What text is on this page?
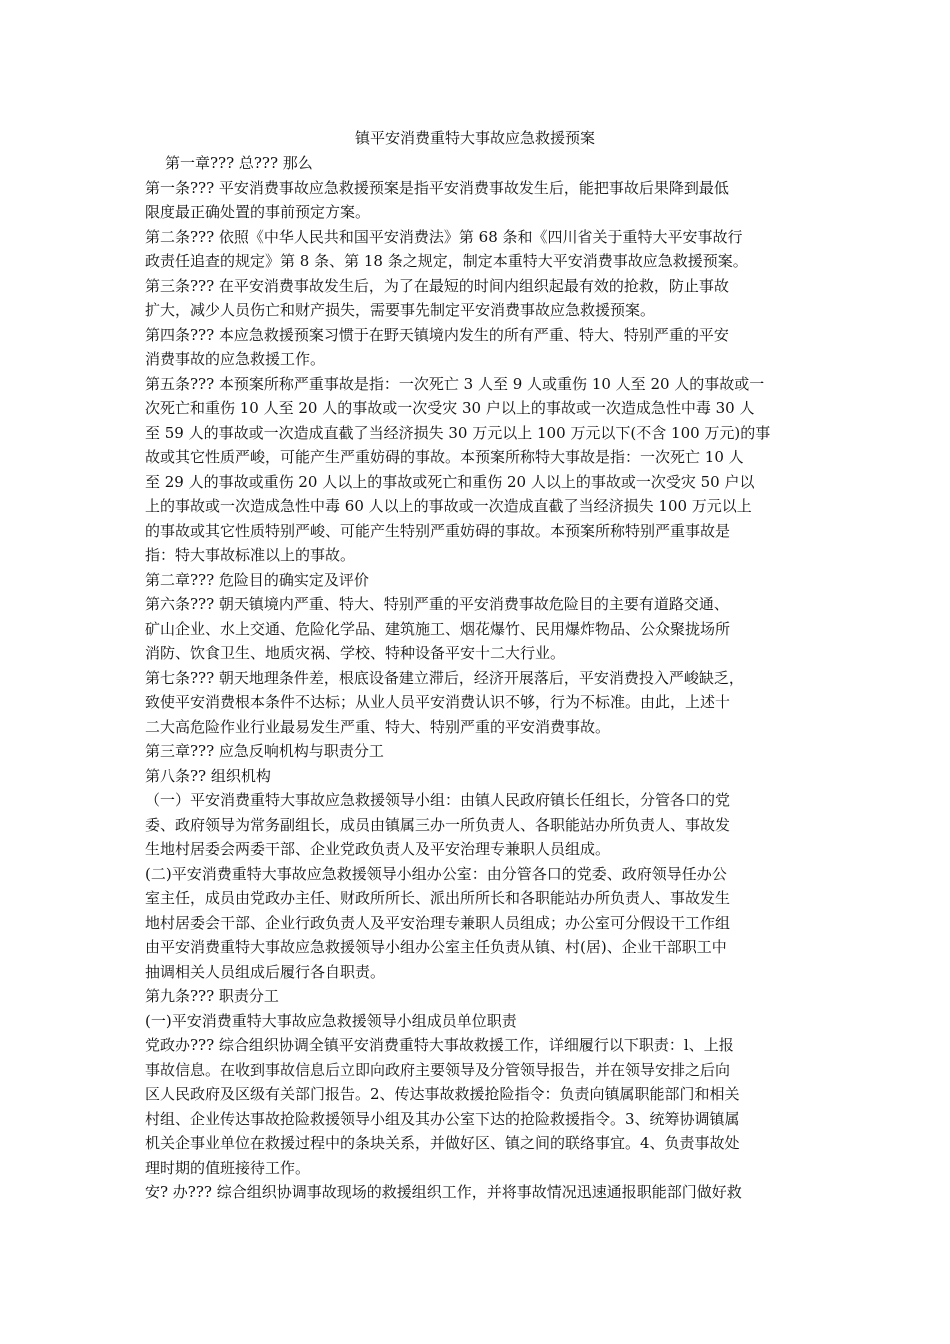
镇平安消费重特大事故应急救援预案
第一章??? 总??? 那么
第一条??? 平安消费事故应急救援预案是指平安消费事故发生后，能把事故后果降到最低
限度最正确处置的事前预定方案。
第二条??? 依照《中华人民共和国平安消费法》第 68 条和《四川省关于重特大平安事故行
政责任追查的规定》第 8 条、第 18 条之规定，制定本重特大平安消费事故应急救援预案。
第三条??? 在平安消费事故发生后，为了在最短的时间内组织起最有效的抢救，防止事故
扩大，减少人员伤亡和财产损失，需要事先制定平安消费事故应急救援预案。
第四条??? 本应急救援预案习惯于在野天镇境内发生的所有严重、特大、特别严重的平安
消费事故的应急救援工作。
第五条??? 本预案所称严重事故是指：一次死亡 3 人至 9 人或重伤 10 人至 20 人的事故或一
次死亡和重伤 10 人至 20 人的事故或一次受灾 30 户以上的事故或一次造成急性中毒 30 人
至 59 人的事故或一次造成直截了当经济损失 30 万元以上 100 万元以下(不含 100 万元)的事
故或其它性质严峻，可能产生严重妨碍的事故。本预案所称特大事故是指：一次死亡 10 人
至 29 人的事故或重伤 20 人以上的事故或死亡和重伤 20 人以上的事故或一次受灾 50 户以
上的事故或一次造成急性中毒 60 人以上的事故或一次造成直截了当经济损失 100 万元以上
的事故或其它性质特别严峻、可能产生特别严重妨碍的事故。本预案所称特别严重事故是
指：特大事故标准以上的事故。
第二章??? 危险目的确实定及评价
第六条??? 朝天镇境内严重、特大、特别严重的平安消费事故危险目的主要有道路交通、
矿山企业、水上交通、危险化学品、建筑施工、烟花爆竹、民用爆炸物品、公众聚拢场所
消防、饮食卫生、地质灾祸、学校、特种设备平安十二大行业。
第七条??? 朝天地理条件差，根底设备建立滞后，经济开展落后，平安消费投入严峻缺乏，
致使平安消费根本条件不达标；从业人员平安消费认识不够，行为不标准。由此，上述十
二大高危险作业行业最易发生严重、特大、特别严重的平安消费事故。
第三章??? 应急反响机构与职责分工
第八条?? 组织机构
（一）平安消费重特大事故应急救援领导小组：由镇人民政府镇长任组长，分管各口的党
委、政府领导为常务副组长，成员由镇属三办一所负责人、各职能站办所负责人、事故发
生地村居委会两委干部、企业党政负责人及平安治理专兼职人员组成。
(二)平安消费重特大事故应急救援领导小组办公室：由分管各口的党委、政府领导任办公
室主任，成员由党政办主任、财政所所长、派出所所长和各职能站办所负责人、事故发生
地村居委会干部、企业行政负责人及平安治理专兼职人员组成；办公室可分假设干工作组
由平安消费重特大事故应急救援领导小组办公室主任负责从镇、村(居)、企业干部职工中
抽调相关人员组成后履行各自职责。
第九条??? 职责分工
(一)平安消费重特大事故应急救援领导小组成员单位职责
党政办??? 综合组织协调全镇平安消费重特大事故救援工作，详细履行以下职责：l、上报
事故信息。在收到事故信息后立即向政府主要领导及分管领导报告，并在领导安排之后向
区人民政府及区级有关部门报告。2、传达事故救援抢险指令：负责向镇属职能部门和相关
村组、企业传达事故抢险救援领导小组及其办公室下达的抢险救援指令。3、统筹协调镇属
机关企事业单位在救援过程中的条块关系，并做好区、镇之间的联络事宜。4、负责事故处
理时期的值班接待工作。
安? 办??? 综合组织协调事故现场的救援组织工作，并将事故情况迅速通报职能部门做好救
